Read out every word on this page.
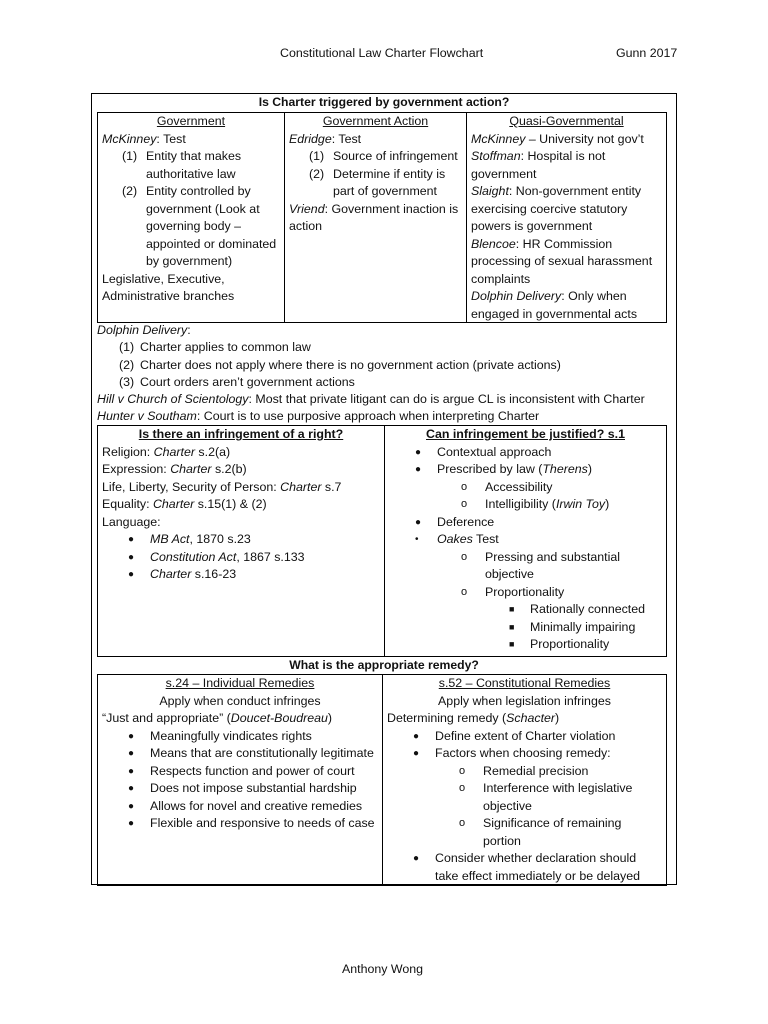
Constitutional Law Charter Flowchart	Gunn 2017
Is Charter triggered by government action?
Government
McKinney: Test
(1) Entity that makes authoritative law
(2) Entity controlled by government (Look at governing body – appointed or dominated by government)
Legislative, Executive, Administrative branches
Government Action
Edridge: Test
(1) Source of infringement
(2) Determine if entity is part of government
Vriend: Government inaction is action
Quasi-Governmental
McKinney – University not gov’t
Stoffman: Hospital is not government
Slaight: Non-government entity exercising coercive statutory powers is government
Blencoe: HR Commission processing of sexual harassment complaints
Dolphin Delivery: Only when engaged in governmental acts
Dolphin Delivery:
(1) Charter applies to common law
(2) Charter does not apply where there is no government action (private actions)
(3) Court orders aren’t government actions
Hill v Church of Scientology: Most that private litigant can do is argue CL is inconsistent with Charter
Hunter v Southam: Court is to use purposive approach when interpreting Charter
Is there an infringement of a right?
Religion: Charter s.2(a)
Expression: Charter s.2(b)
Life, Liberty, Security of Person: Charter s.7
Equality: Charter s.15(1) & (2)
Language:
● MB Act, 1870 s.23
● Constitution Act, 1867 s.133
● Charter s.16-23
Can infringement be justified? s.1
● Contextual approach
● Prescribed by law (Therens)
o Accessibility
o Intelligibility (Irwin Toy)
● Deference
• Oakes Test
o Pressing and substantial objective
o Proportionality
■ Rationally connected
■ Minimally impairing
■ Proportionality
What is the appropriate remedy?
s.24 – Individual Remedies
Apply when conduct infringes
“Just and appropriate” (Doucet-Boudreau)
● Meaningfully vindicates rights
● Means that are constitutionally legitimate
● Respects function and power of court
● Does not impose substantial hardship
● Allows for novel and creative remedies
● Flexible and responsive to needs of case
s.52 – Constitutional Remedies
Apply when legislation infringes
Determining remedy (Schacter)
● Define extent of Charter violation
● Factors when choosing remedy:
o Remedial precision
o Interference with legislative objective
o Significance of remaining portion
● Consider whether declaration should take effect immediately or be delayed
Anthony Wong
